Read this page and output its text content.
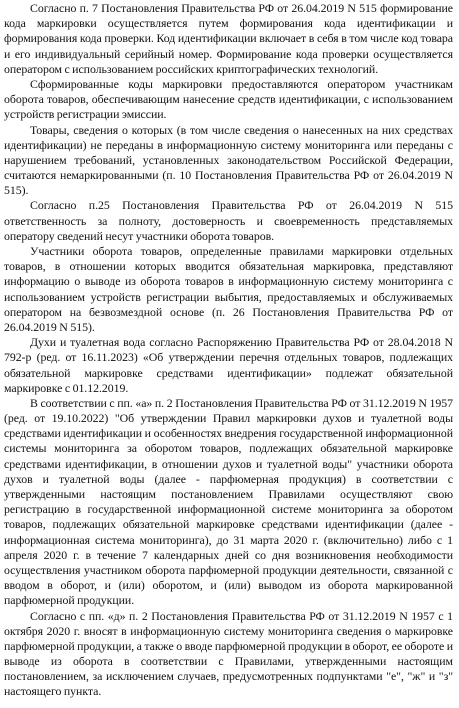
Согласно п. 7 Постановления Правительства РФ от 26.04.2019 N 515 формирование кода маркировки осуществляется путем формирования кода идентификации и формирования кода проверки. Код идентификации включает в себя в том числе код товара и его индивидуальный серийный номер. Формирование кода проверки осуществляется оператором с использованием российских криптографических технологий.

Сформированные коды маркировки предоставляются оператором участникам оборота товаров, обеспечивающим нанесение средств идентификации, с использованием устройств регистрации эмиссии.

Товары, сведения о которых (в том числе сведения о нанесенных на них средствах идентификации) не переданы в информационную систему мониторинга или переданы с нарушением требований, установленных законодательством Российской Федерации, считаются немаркированными (п. 10 Постановления Правительства РФ от 26.04.2019 N 515).

Согласно п.25 Постановления Правительства РФ от 26.04.2019 N 515 ответственность за полноту, достоверность и своевременность представляемых оператору сведений несут участники оборота товаров.

Участники оборота товаров, определенные правилами маркировки отдельных товаров, в отношении которых вводится обязательная маркировка, представляют информацию о выводе из оборота товаров в информационную систему мониторинга с использованием устройств регистрации выбытия, предоставляемых и обслуживаемых оператором на безвозмездной основе (п. 26 Постановления Правительства РФ от 26.04.2019 N 515).

Духи и туалетная вода согласно Распоряжению Правительства РФ от 28.04.2018 N 792-р (ред. от 16.11.2023) «Об утверждении перечня отдельных товаров, подлежащих обязательной маркировке средствами идентификации» подлежат обязательной маркировке с 01.12.2019.

В соответствии с пп. «а» п. 2 Постановления Правительства РФ от 31.12.2019 N 1957 (ред. от 19.10.2022) "Об утверждении Правил маркировки духов и туалетной воды средствами идентификации и особенностях внедрения государственной информационной системы мониторинга за оборотом товаров, подлежащих обязательной маркировке средствами идентификации, в отношении духов и туалетной воды" участники оборота духов и туалетной воды (далее - парфюмерная продукция) в соответствии с утвержденными настоящим постановлением Правилами осуществляют свою регистрацию в государственной информационной системе мониторинга за оборотом товаров, подлежащих обязательной маркировке средствами идентификации (далее - информационная система мониторинга), до 31 марта 2020 г. (включительно) либо с 1 апреля 2020 г. в течение 7 календарных дней со дня возникновения необходимости осуществления участником оборота парфюмерной продукции деятельности, связанной с вводом в оборот, и (или) оборотом, и (или) выводом из оборота маркированной парфюмерной продукции.

Согласно с пп. «д» п. 2 Постановления Правительства РФ от 31.12.2019 N 1957 с 1 октября 2020 г. вносят в информационную систему мониторинга сведения о маркировке парфюмерной продукции, а также о вводе парфюмерной продукции в оборот, ее обороте и выводе из оборота в соответствии с Правилами, утвержденными настоящим постановлением, за исключением случаев, предусмотренных подпунктами "е", "ж" и "з" настоящего пункта.
